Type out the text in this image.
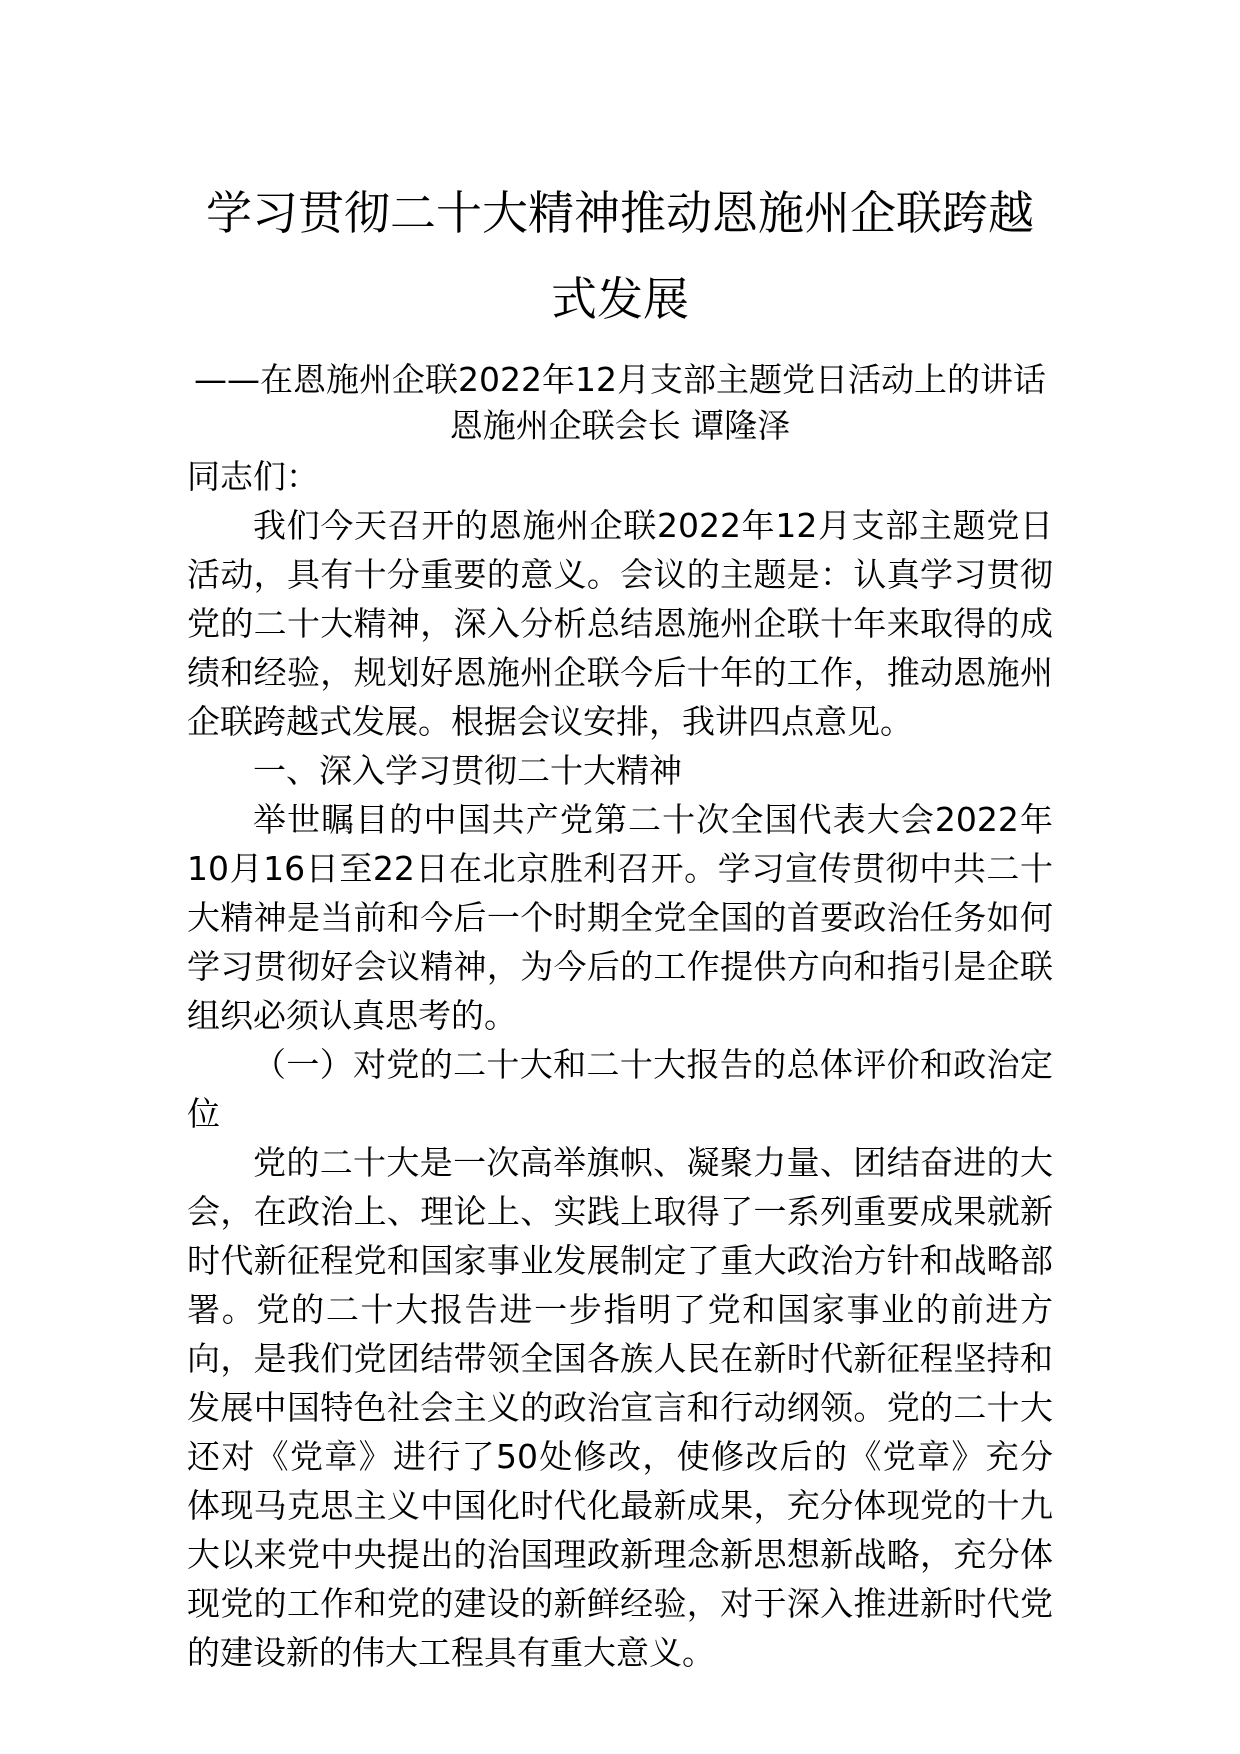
学习贯彻二十大精神推动恩施州企联跨越式发展

——在恩施州企联2022年12月支部主题党日活动上的讲话

恩施州企联会长 谭隆泽

同志们：

我们今天召开的恩施州企联2022年12月支部主题党日活动，具有十分重要的意义。会议的主题是：认真学习贯彻党的二十大精神，深入分析总结恩施州企联十年来取得的成绩和经验，规划好恩施州企联今后十年的工作，推动恩施州企联跨越式发展。根据会议安排，我讲四点意见。

一、深入学习贯彻二十大精神

举世瞩目的中国共产党第二十次全国代表大会2022年10月16日至22日在北京胜利召开。学习宣传贯彻中共二十大精神是当前和今后一个时期全党全国的首要政治任务如何学习贯彻好会议精神，为今后的工作提供方向和指引是企联组织必须认真思考的。

（一）对党的二十大和二十大报告的总体评价和政治定位

党的二十大是一次高举旗帜、凝聚力量、团结奋进的大会，在政治上、理论上、实践上取得了一系列重要成果就新时代新征程党和国家事业发展制定了重大政治方针和战略部署。党的二十大报告进一步指明了党和国家事业的前进方向，是我们党团结带领全国各族人民在新时代新征程坚持和发展中国特色社会主义的政治宣言和行动纲领。党的二十大还对《党章》进行了50处修改，使修改后的《党章》充分体现马克思主义中国化时代化最新成果，充分体现党的十九大以来党中央提出的治国理政新理念新思想新战略，充分体现党的工作和党的建设的新鲜经验，对于深入推进新时代党的建设新的伟大工程具有重大意义。
